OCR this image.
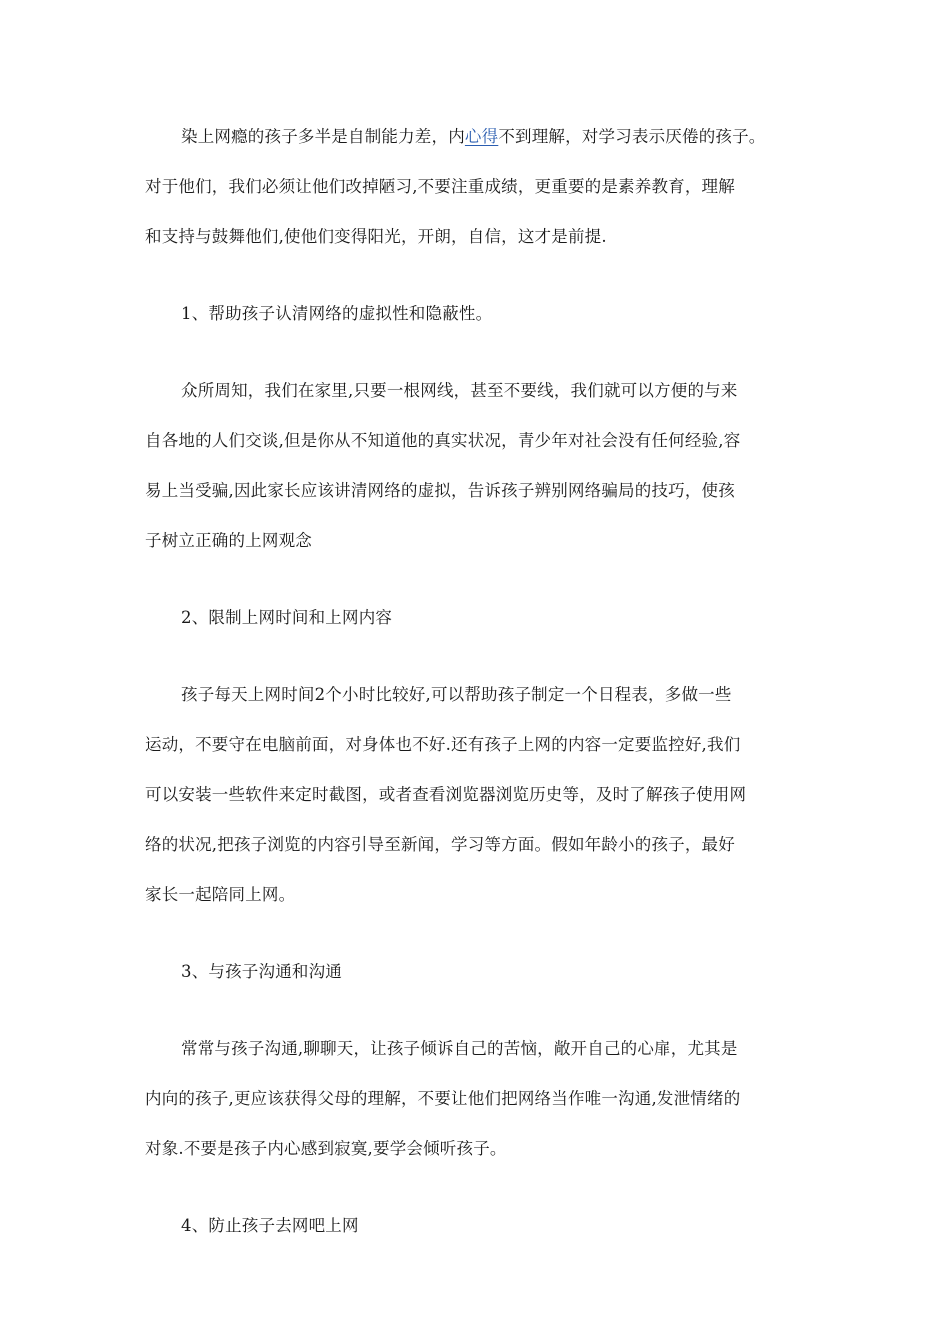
染上网瘾的孩子多半是自制能力差，内心得不到理解，对学习表示厌倦的孩子。
对于他们，我们必须让他们改掉陋习,不要注重成绩，更重要的是素养教育，理解
和支持与鼓舞他们,使他们变得阳光，开朗，自信，这才是前提.
1、帮助孩子认清网络的虚拟性和隐蔽性。
众所周知，我们在家里,只要一根网线，甚至不要线，我们就可以方便的与来
自各地的人们交谈,但是你从不知道他的真实状况，青少年对社会没有任何经验,容
易上当受骗,因此家长应该讲清网络的虚拟，告诉孩子辨别网络骗局的技巧，使孩
子树立正确的上网观念
2、限制上网时间和上网内容
孩子每天上网时间2个小时比较好,可以帮助孩子制定一个日程表，多做一些
运动，不要守在电脑前面，对身体也不好.还有孩子上网的内容一定要监控好,我们
可以安装一些软件来定时截图，或者查看浏览器浏览历史等，及时了解孩子使用网
络的状况,把孩子浏览的内容引导至新闻，学习等方面。假如年龄小的孩子，最好
家长一起陪同上网。
3、与孩子沟通和沟通
常常与孩子沟通,聊聊天，让孩子倾诉自己的苦恼，敞开自己的心扉，尤其是
内向的孩子,更应该获得父母的理解，不要让他们把网络当作唯一沟通,发泄情绪的
对象.不要是孩子内心感到寂寞,要学会倾听孩子。
4、防止孩子去网吧上网
